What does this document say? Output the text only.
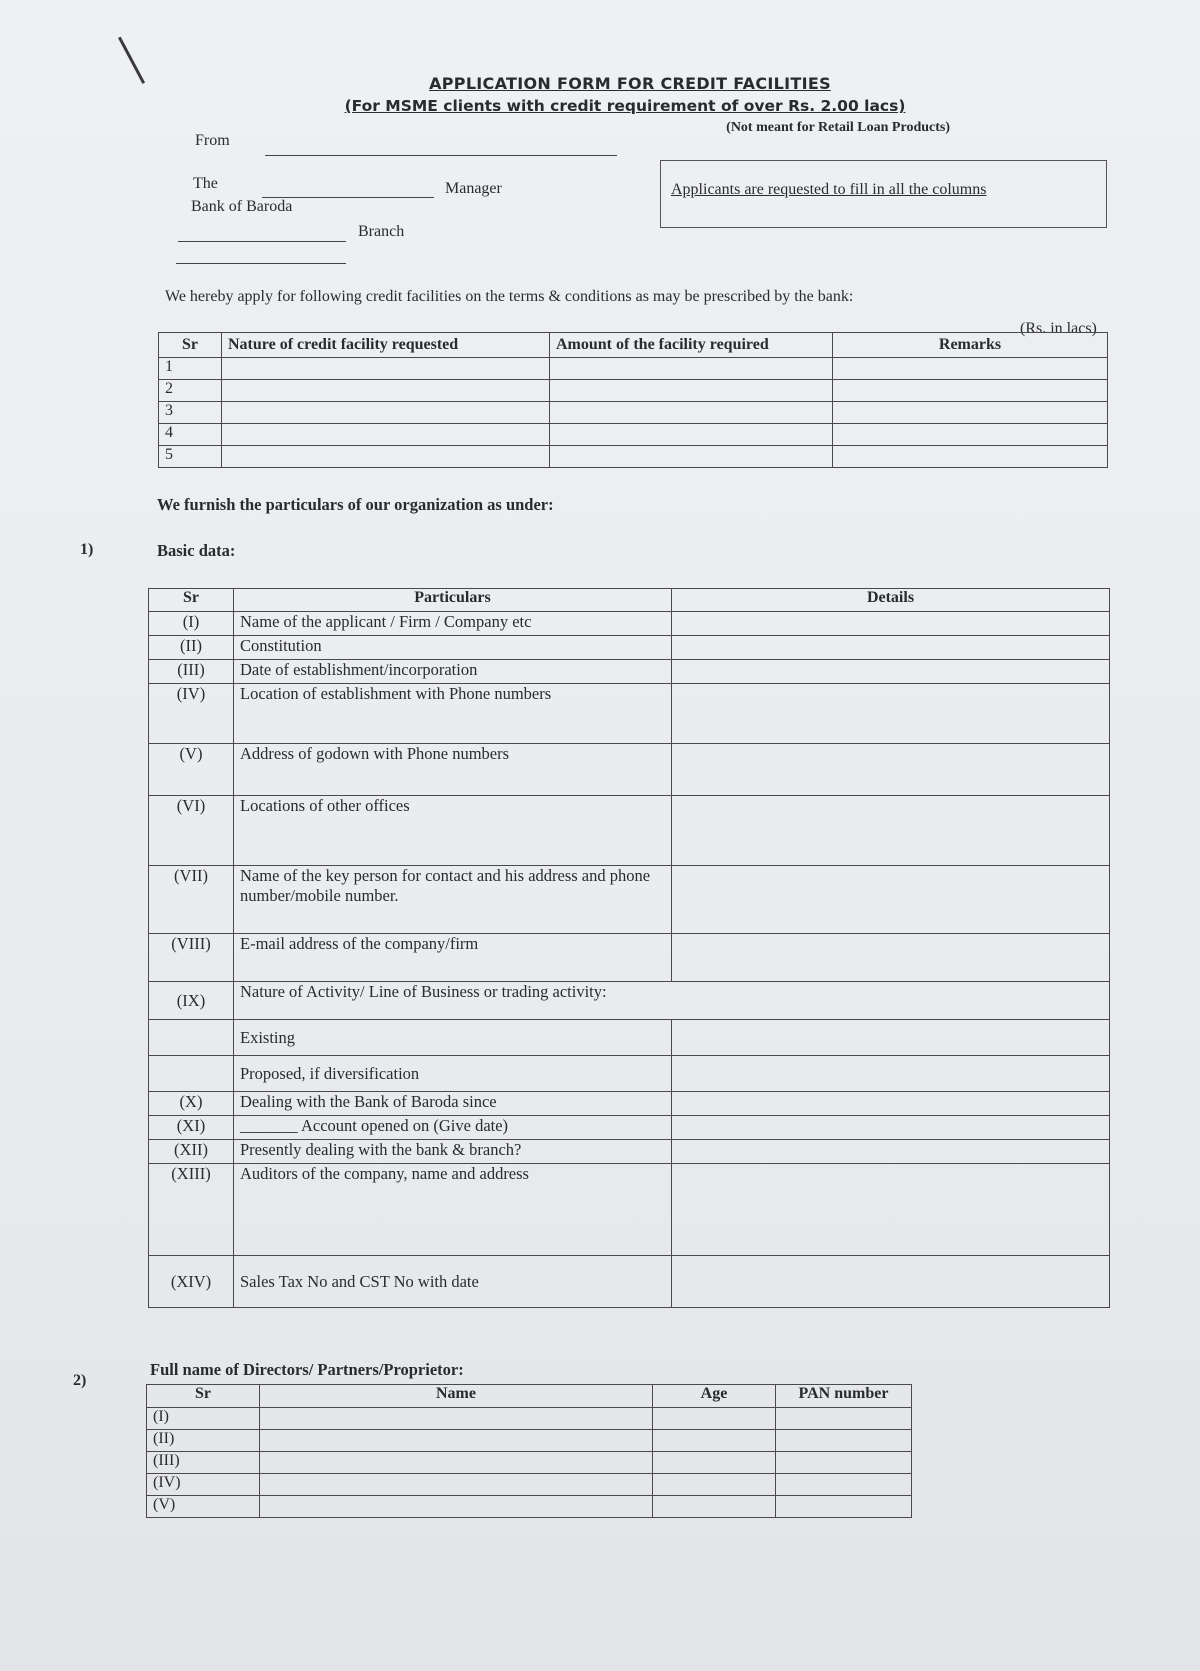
APPLICATION FORM FOR CREDIT FACILITIES
(For MSME clients with credit requirement of over Rs. 2.00 lacs)
(Not meant for Retail Loan Products)
From
The	Manager
Bank of Baroda
Branch
Applicants are requested to fill in all the columns
We hereby apply for following credit facilities on the terms & conditions as may be prescribed by the bank:
(Rs. in lacs)
Sr	Nature of credit facility requested	Amount of the facility required	Remarks
1			
2			
3			
4			
5			
We furnish the particulars of our organization as under:
1)	Basic data:
Sr	Particulars	Details
(I)	Name of the applicant / Firm / Company etc	
(II)	Constitution	
(III)	Date of establishment/incorporation	
(IV)	Location of establishment with Phone numbers	
(V)	Address of godown with Phone numbers	
(VI)	Locations of other offices	
(VII)	Name of the key person for contact and his address and phone number/mobile number.	
(VIII)	E-mail address of the company/firm	
(IX)	Nature of Activity/ Line of Business or trading activity:	
	Existing	
	Proposed, if diversification	
(X)	Dealing with the Bank of Baroda since	
(XI)	_______ Account opened on (Give date)	
(XII)	Presently dealing with the bank & branch?	
(XIII)	Auditors of the company, name and address	
(XIV)	Sales Tax No and CST No with date	
2)
Full name of Directors/ Partners/Proprietor:
Sr	Name	Age	PAN number
(I)			
(II)			
(III)			
(IV)			
(V)			
